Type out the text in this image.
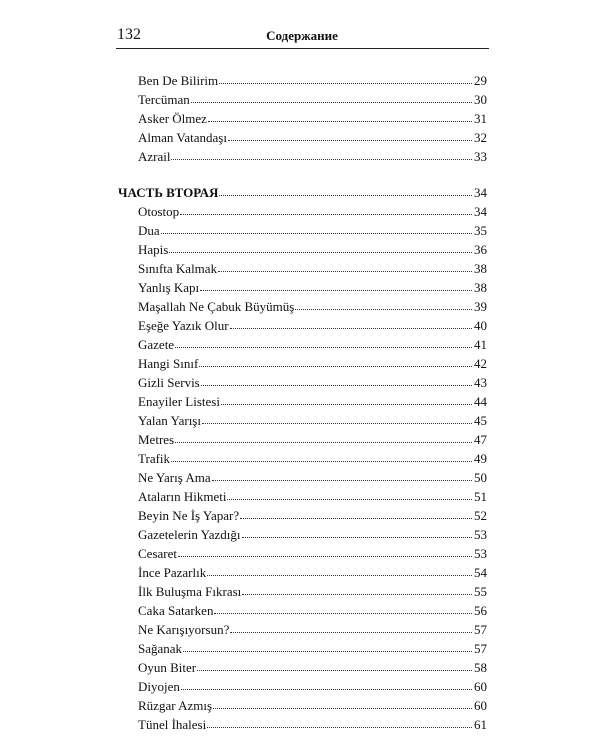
132	Содержание
Ben De Bilirim	29
Tercüman	30
Asker Ölmez	31
Alman Vatandaşı	32
Azrail	33
ЧАСТЬ ВТОРАЯ	34
Otostop	34
Dua	35
Hapis	36
Sınıfta Kalmak	38
Yanlış Kapı	38
Maşallah Ne Çabuk Büyümüş	39
Eşeğe Yazık Olur	40
Gazete	41
Hangi Sınıf	42
Gizli Servis	43
Enayiler Listesi	44
Yalan Yarışı	45
Metres	47
Trafik	49
Ne Yarış Ama	50
Ataların Hikmeti	51
Beyin Ne İş Yapar?	52
Gazetelerin Yazdığı	53
Cesaret	53
İnce Pazarlık	54
İlk Buluşma Fıkrası	55
Caka Satarken	56
Ne Karışıyorsun?	57
Sağanak	57
Oyun Biter	58
Diyojen	60
Rüzgar Azmış	60
Tünel İhalesi	61
